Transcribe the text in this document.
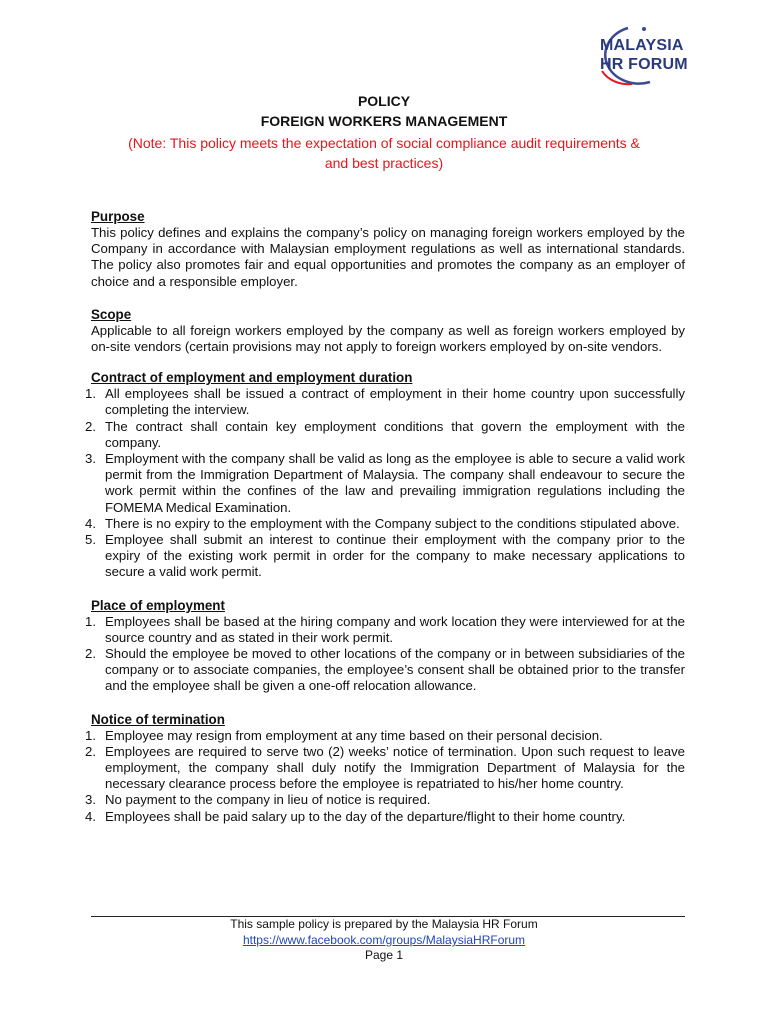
MALAYSIA
HR FORUM
POLICY
FOREIGN WORKERS MANAGEMENT
(Note: This policy meets the expectation of social compliance audit requirements &
and best practices)
Purpose

This policy defines and explains the company’s policy on managing foreign workers employed by the Company in accordance with Malaysian employment regulations as well as international standards. The policy also promotes fair and equal opportunities and promotes the company as an employer of choice and a responsible employer.

Scope

Applicable to all foreign workers employed by the company as well as foreign workers employed by on-site vendors (certain provisions may not apply to foreign workers employed by on-site vendors.

Contract of employment and employment duration
1. All employees shall be issued a contract of employment in their home country upon successfully completing the interview.
2. The contract shall contain key employment conditions that govern the employment with the company.
3. Employment with the company shall be valid as long as the employee is able to secure a valid work permit from the Immigration Department of Malaysia. The company shall endeavour to secure the work permit within the confines of the law and prevailing immigration regulations including the FOMEMA Medical Examination.
4. There is no expiry to the employment with the Company subject to the conditions stipulated above.
5. Employee shall submit an interest to continue their employment with the company prior to the expiry of the existing work permit in order for the company to make necessary applications to secure a valid work permit.
Place of employment
1. Employees shall be based at the hiring company and work location they were interviewed for at the source country and as stated in their work permit.
2. Should the employee be moved to other locations of the company or in between subsidiaries of the company or to associate companies, the employee’s consent shall be obtained prior to the transfer and the employee shall be given a one-off relocation allowance.
Notice of termination
1. Employee may resign from employment at any time based on their personal decision.
2. Employees are required to serve two (2) weeks’ notice of termination. Upon such request to leave employment, the company shall duly notify the Immigration Department of Malaysia for the necessary clearance process before the employee is repatriated to his/her home country.
3. No payment to the company in lieu of notice is required.
4. Employees shall be paid salary up to the day of the departure/flight to their home country.
This sample policy is prepared by the Malaysia HR Forum
https://www.facebook.com/groups/MalaysiaHRForum
Page 1
